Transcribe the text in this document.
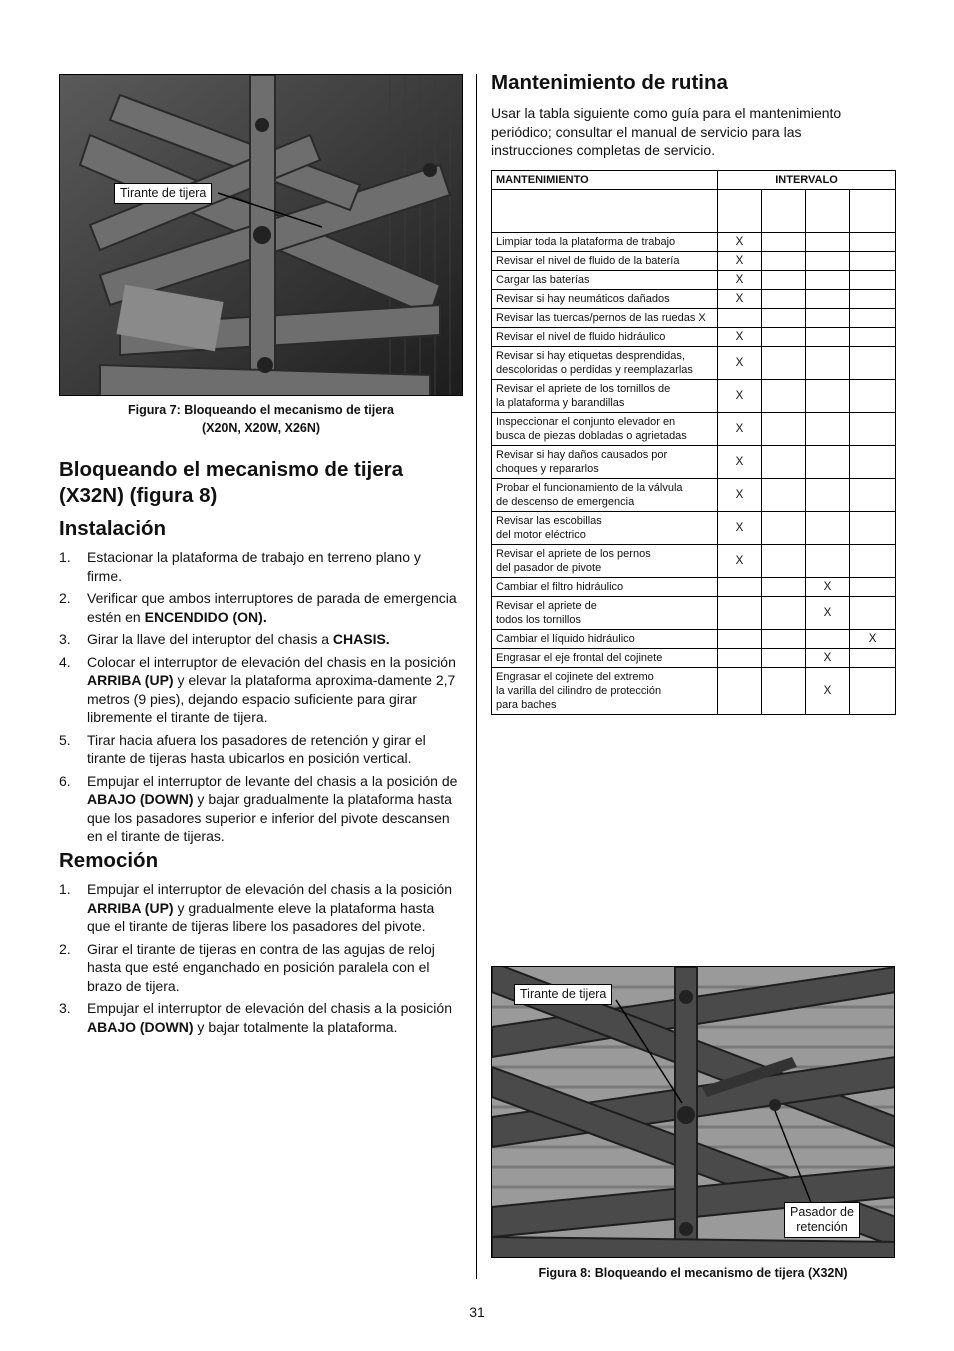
Tirante de tijera
Figura 7: Bloqueando el mecanismo de tijera
(X20N, X20W, X26N)
Bloqueando el mecanismo de tijera
(X32N) (figura 8)
Instalación
1. Estacionar la plataforma de trabajo en terreno plano y firme.
2. Verificar que ambos interruptores de parada de emergencia estén en ENCENDIDO (ON).
3. Girar la llave del interuptor del chasis a CHASIS.
4. Colocar el interruptor de elevación del chasis en la posición ARRIBA (UP) y elevar la plataforma aproxima-damente 2,7 metros (9 pies), dejando espacio suficiente para girar libremente el tirante de tijera.
5. Tirar hacia afuera los pasadores de retención y girar el tirante de tijeras hasta ubicarlos en posición vertical.
6. Empujar el interruptor de levante del chasis a la posición de ABAJO (DOWN) y bajar gradualmente la plataforma hasta que los pasadores superior e inferior del pivote descansen en el tirante de tijeras.
Remoción
1. Empujar el interruptor de elevación del chasis a la posición ARRIBA (UP) y gradualmente eleve la plataforma hasta que el tirante de tijeras libere los pasadores del pivote.
2. Girar el tirante de tijeras en contra de las agujas de reloj hasta que esté enganchado en posición paralela con el brazo de tijera.
3. Empujar el interruptor de elevación del chasis a la posición ABAJO (DOWN) y bajar totalmente la plataforma.
Mantenimiento de rutina

Usar la tabla siguiente como guía para el mantenimiento periódico; consultar el manual de servicio para las instrucciones completas de servicio.

MANTENIMIENTO	INTERVALO			

Limpiar toda la plataforma de trabajo	X			
Revisar el nivel de fluido de la batería	X			
Cargar las baterías	X			
Revisar si hay neumáticos dañados	X			
Revisar las tuercas/pernos de las ruedas X				
Revisar el nivel de fluido hidráulico	X			
Revisar si hay etiquetas desprendidas,
descoloridas o perdidas y reemplazarlas	X			
Revisar el apriete de los tornillos de
la plataforma y barandillas	X			
Inspeccionar el conjunto elevador en
busca de piezas dobladas o agrietadas	X			
Revisar si hay daños causados por
choques y repararlos	X			
Probar el funcionamiento de la válvula
de descenso de emergencia	X			
Revisar las escobillas
del motor eléctrico	X			
Revisar el apriete de los pernos
del pasador de pivote	X			
Cambiar el filtro hidráulico			X	
Revisar el apriete de
todos los tornillos			X	
Cambiar el líquido hidráulico				X
Engrasar el eje frontal del cojinete			X	
Engrasar el cojinete del extremo
la varilla del cilindro de protección
para baches			X	
Tirante de tijera
Pasador de
retención
Figura 8: Bloqueando el mecanismo de tijera (X32N)
31
